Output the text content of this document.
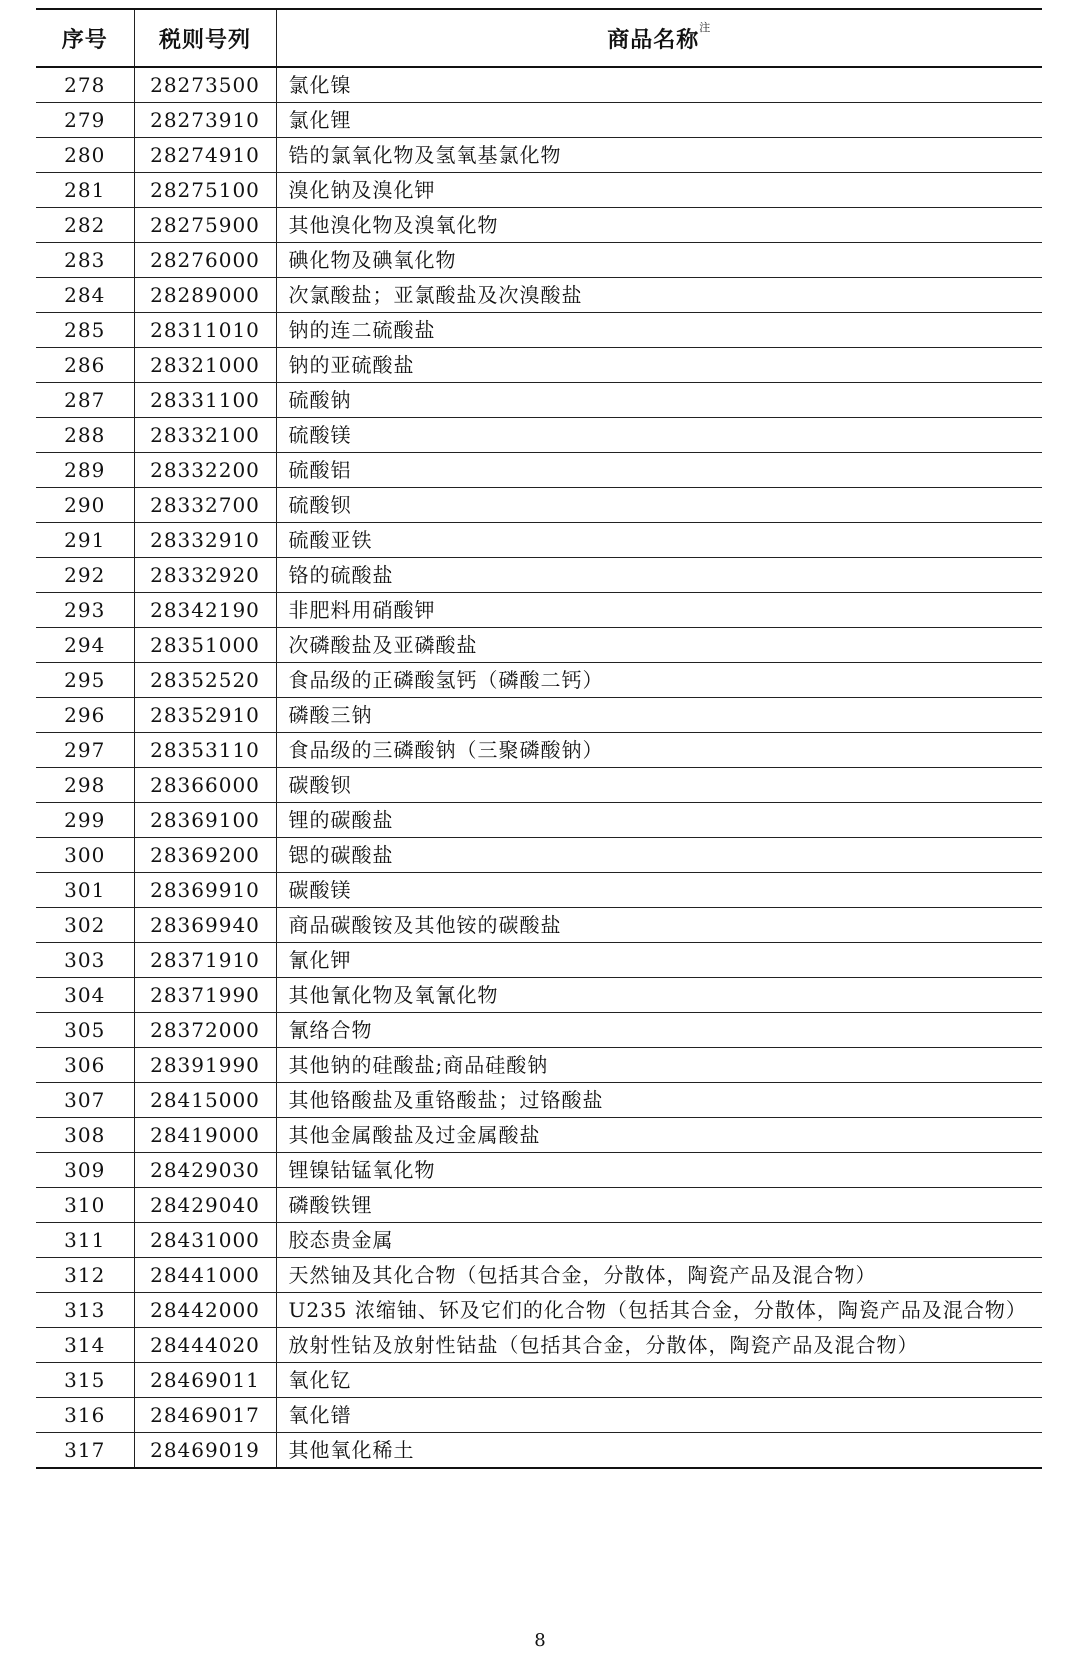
序号	税则号列	商品名称$^注$
278	28273500	氯化镍
279	28273910	氯化锂
280	28274910	锆的氯氧化物及氢氧基氯化物
281	28275100	溴化钠及溴化钾
282	28275900	其他溴化物及溴氧化物
283	28276000	碘化物及碘氧化物
284	28289000	次氯酸盐；亚氯酸盐及次溴酸盐
285	28311010	钠的连二硫酸盐
286	28321000	钠的亚硫酸盐
287	28331100	硫酸钠
288	28332100	硫酸镁
289	28332200	硫酸铝
290	28332700	硫酸钡
291	28332910	硫酸亚铁
292	28332920	铬的硫酸盐
293	28342190	非肥料用硝酸钾
294	28351000	次磷酸盐及亚磷酸盐
295	28352520	食品级的正磷酸氢钙（磷酸二钙）
296	28352910	磷酸三钠
297	28353110	食品级的三磷酸钠（三聚磷酸钠）
298	28366000	碳酸钡
299	28369100	锂的碳酸盐
300	28369200	锶的碳酸盐
301	28369910	碳酸镁
302	28369940	商品碳酸铵及其他铵的碳酸盐
303	28371910	氰化钾
304	28371990	其他氰化物及氧氰化物
305	28372000	氰络合物
306	28391990	其他钠的硅酸盐;商品硅酸钠
307	28415000	其他铬酸盐及重铬酸盐；过铬酸盐
308	28419000	其他金属酸盐及过金属酸盐
309	28429030	锂镍钴锰氧化物
310	28429040	磷酸铁锂
311	28431000	胶态贵金属
312	28441000	天然铀及其化合物（包括其合金，分散体，陶瓷产品及混合物）
313	28442000	U235 浓缩铀、钚及它们的化合物（包括其合金，分散体，陶瓷产品及混合物）
314	28444020	放射性钴及放射性钴盐（包括其合金，分散体，陶瓷产品及混合物）
315	28469011	氧化钇
316	28469017	氧化镨
317	28469019	其他氧化稀土
8
